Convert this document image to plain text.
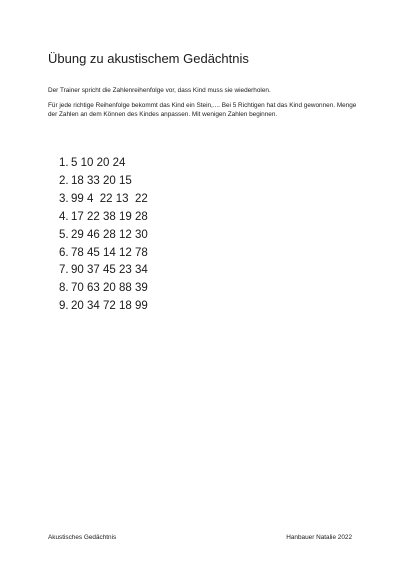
Übung zu akustischem Gedächtnis

Der Trainer spricht die Zahlenreihenfolge vor, dass Kind muss sie wiederholen.

Für jede richtige Reihenfolge bekommt das Kind ein Stein,.... Bei 5 Richtigen hat das Kind gewonnen. Menge der Zahlen an dem Können des Kindes anpassen. Mit wenigen Zahlen beginnen.

1. 5 10 20 24
2. 18 33 20 15
3. 99 4  22 13  22
4. 17 22 38 19 28
5. 29 46 28 12 30
6. 78 45 14 12 78
7. 90 37 45 23 34
8. 70 63 20 88 39
9. 20 34 72 18 99
Akustisches Gedächtnis	Hanbauer Natalie 2022
